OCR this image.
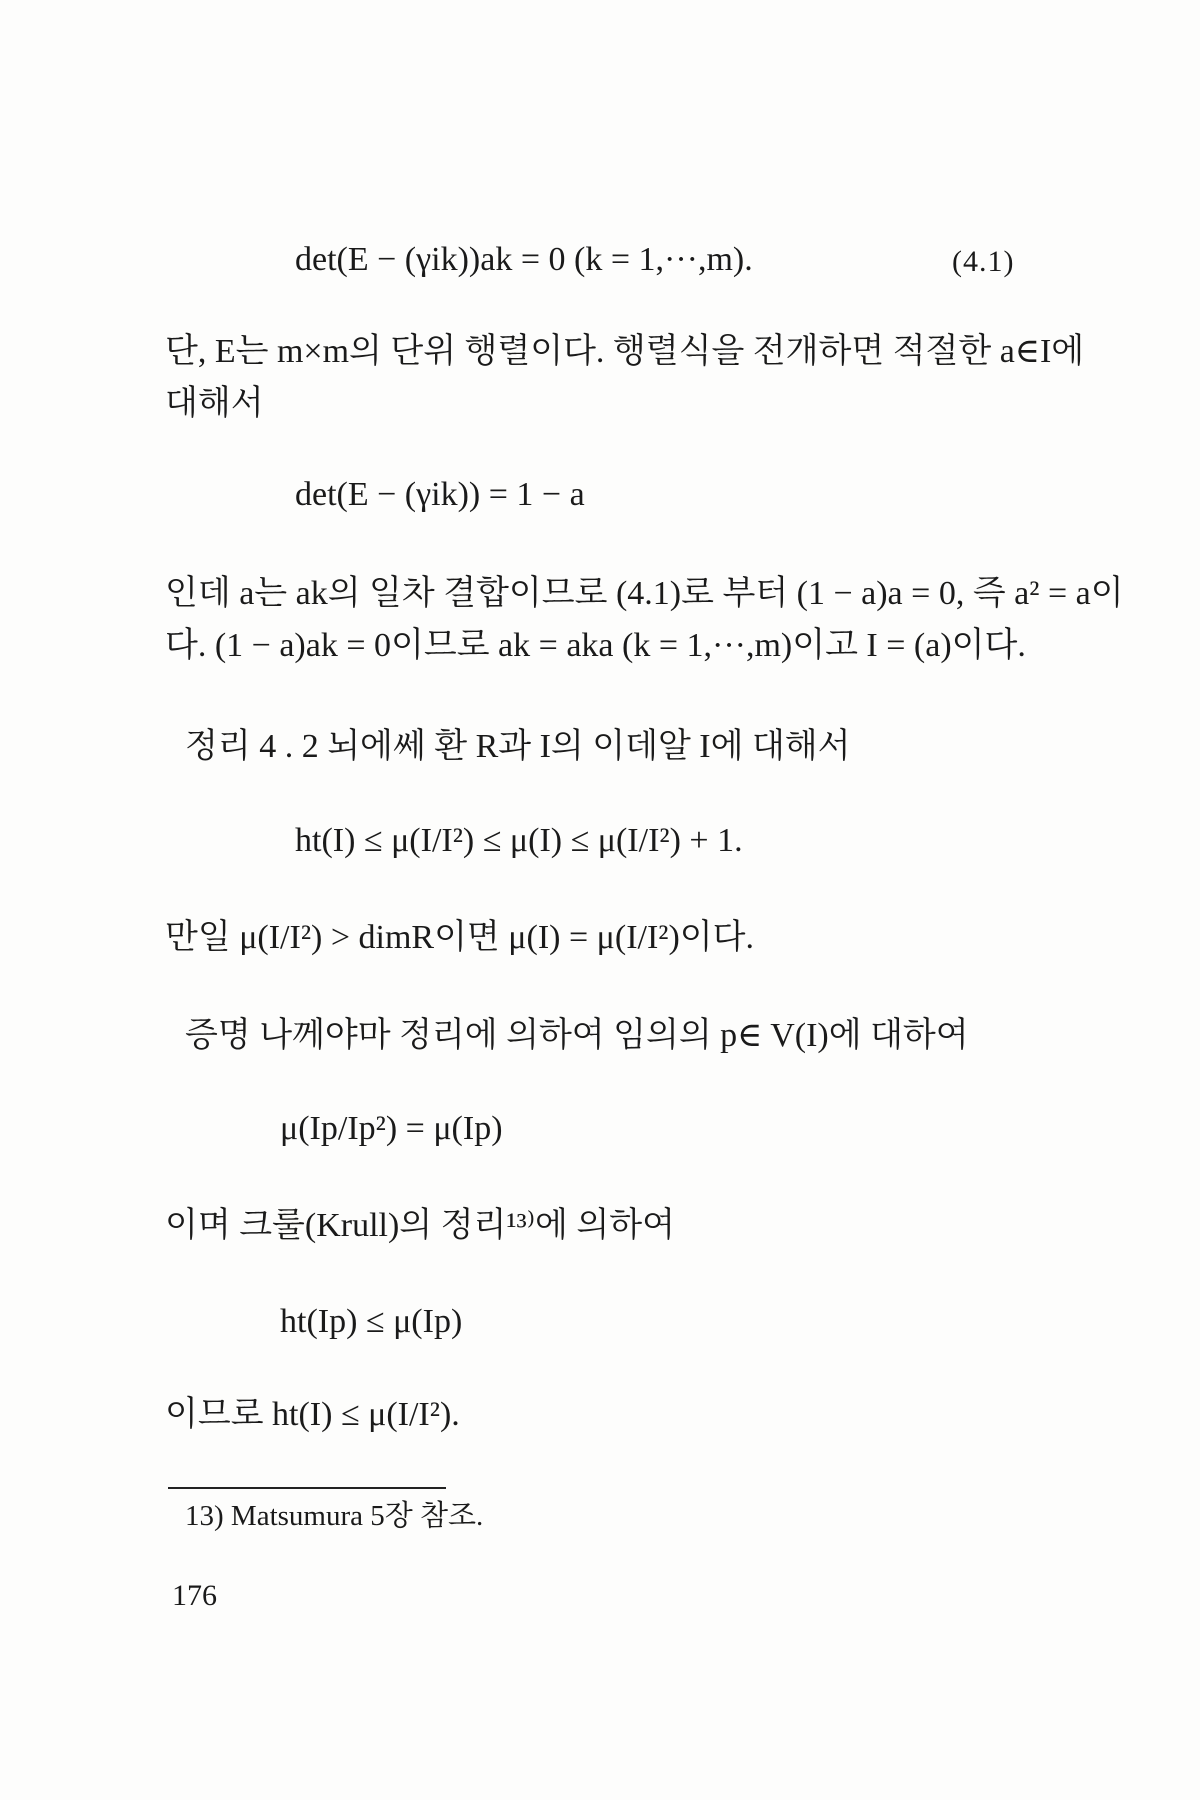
det(E − (γik))ak = 0 (k = 1,···,m).	(4.1)
단, E는 m×m의 단위 행렬이다. 행렬식을 전개하면 적절한 a∈I에
대해서
det(E − (γik)) = 1 − a
인데 a는 ak의 일차 결합이므로 (4.1)로 부터 (1 − a)a = 0, 즉 a² = a이
다. (1 − a)ak = 0이므로 ak = aka (k = 1,···,m)이고 I = (a)이다.
정리 4 . 2 뇌에쎄 환 R과 I의 이데알 I에 대해서
ht(I) ≤ μ(I/I²) ≤ μ(I) ≤ μ(I/I²) + 1.
만일 μ(I/I²) > dimR이면 μ(I) = μ(I/I²)이다.
증명 나께야마 정리에 의하여 임의의 p∈ V(I)에 대하여
μ(Ip/Ip²) = μ(Ip)
이며 크룰(Krull)의 정리¹³⁾에 의하여
ht(Ip) ≤ μ(Ip)
이므로 ht(I) ≤ μ(I/I²).
13) Matsumura 5장 참조.
176
